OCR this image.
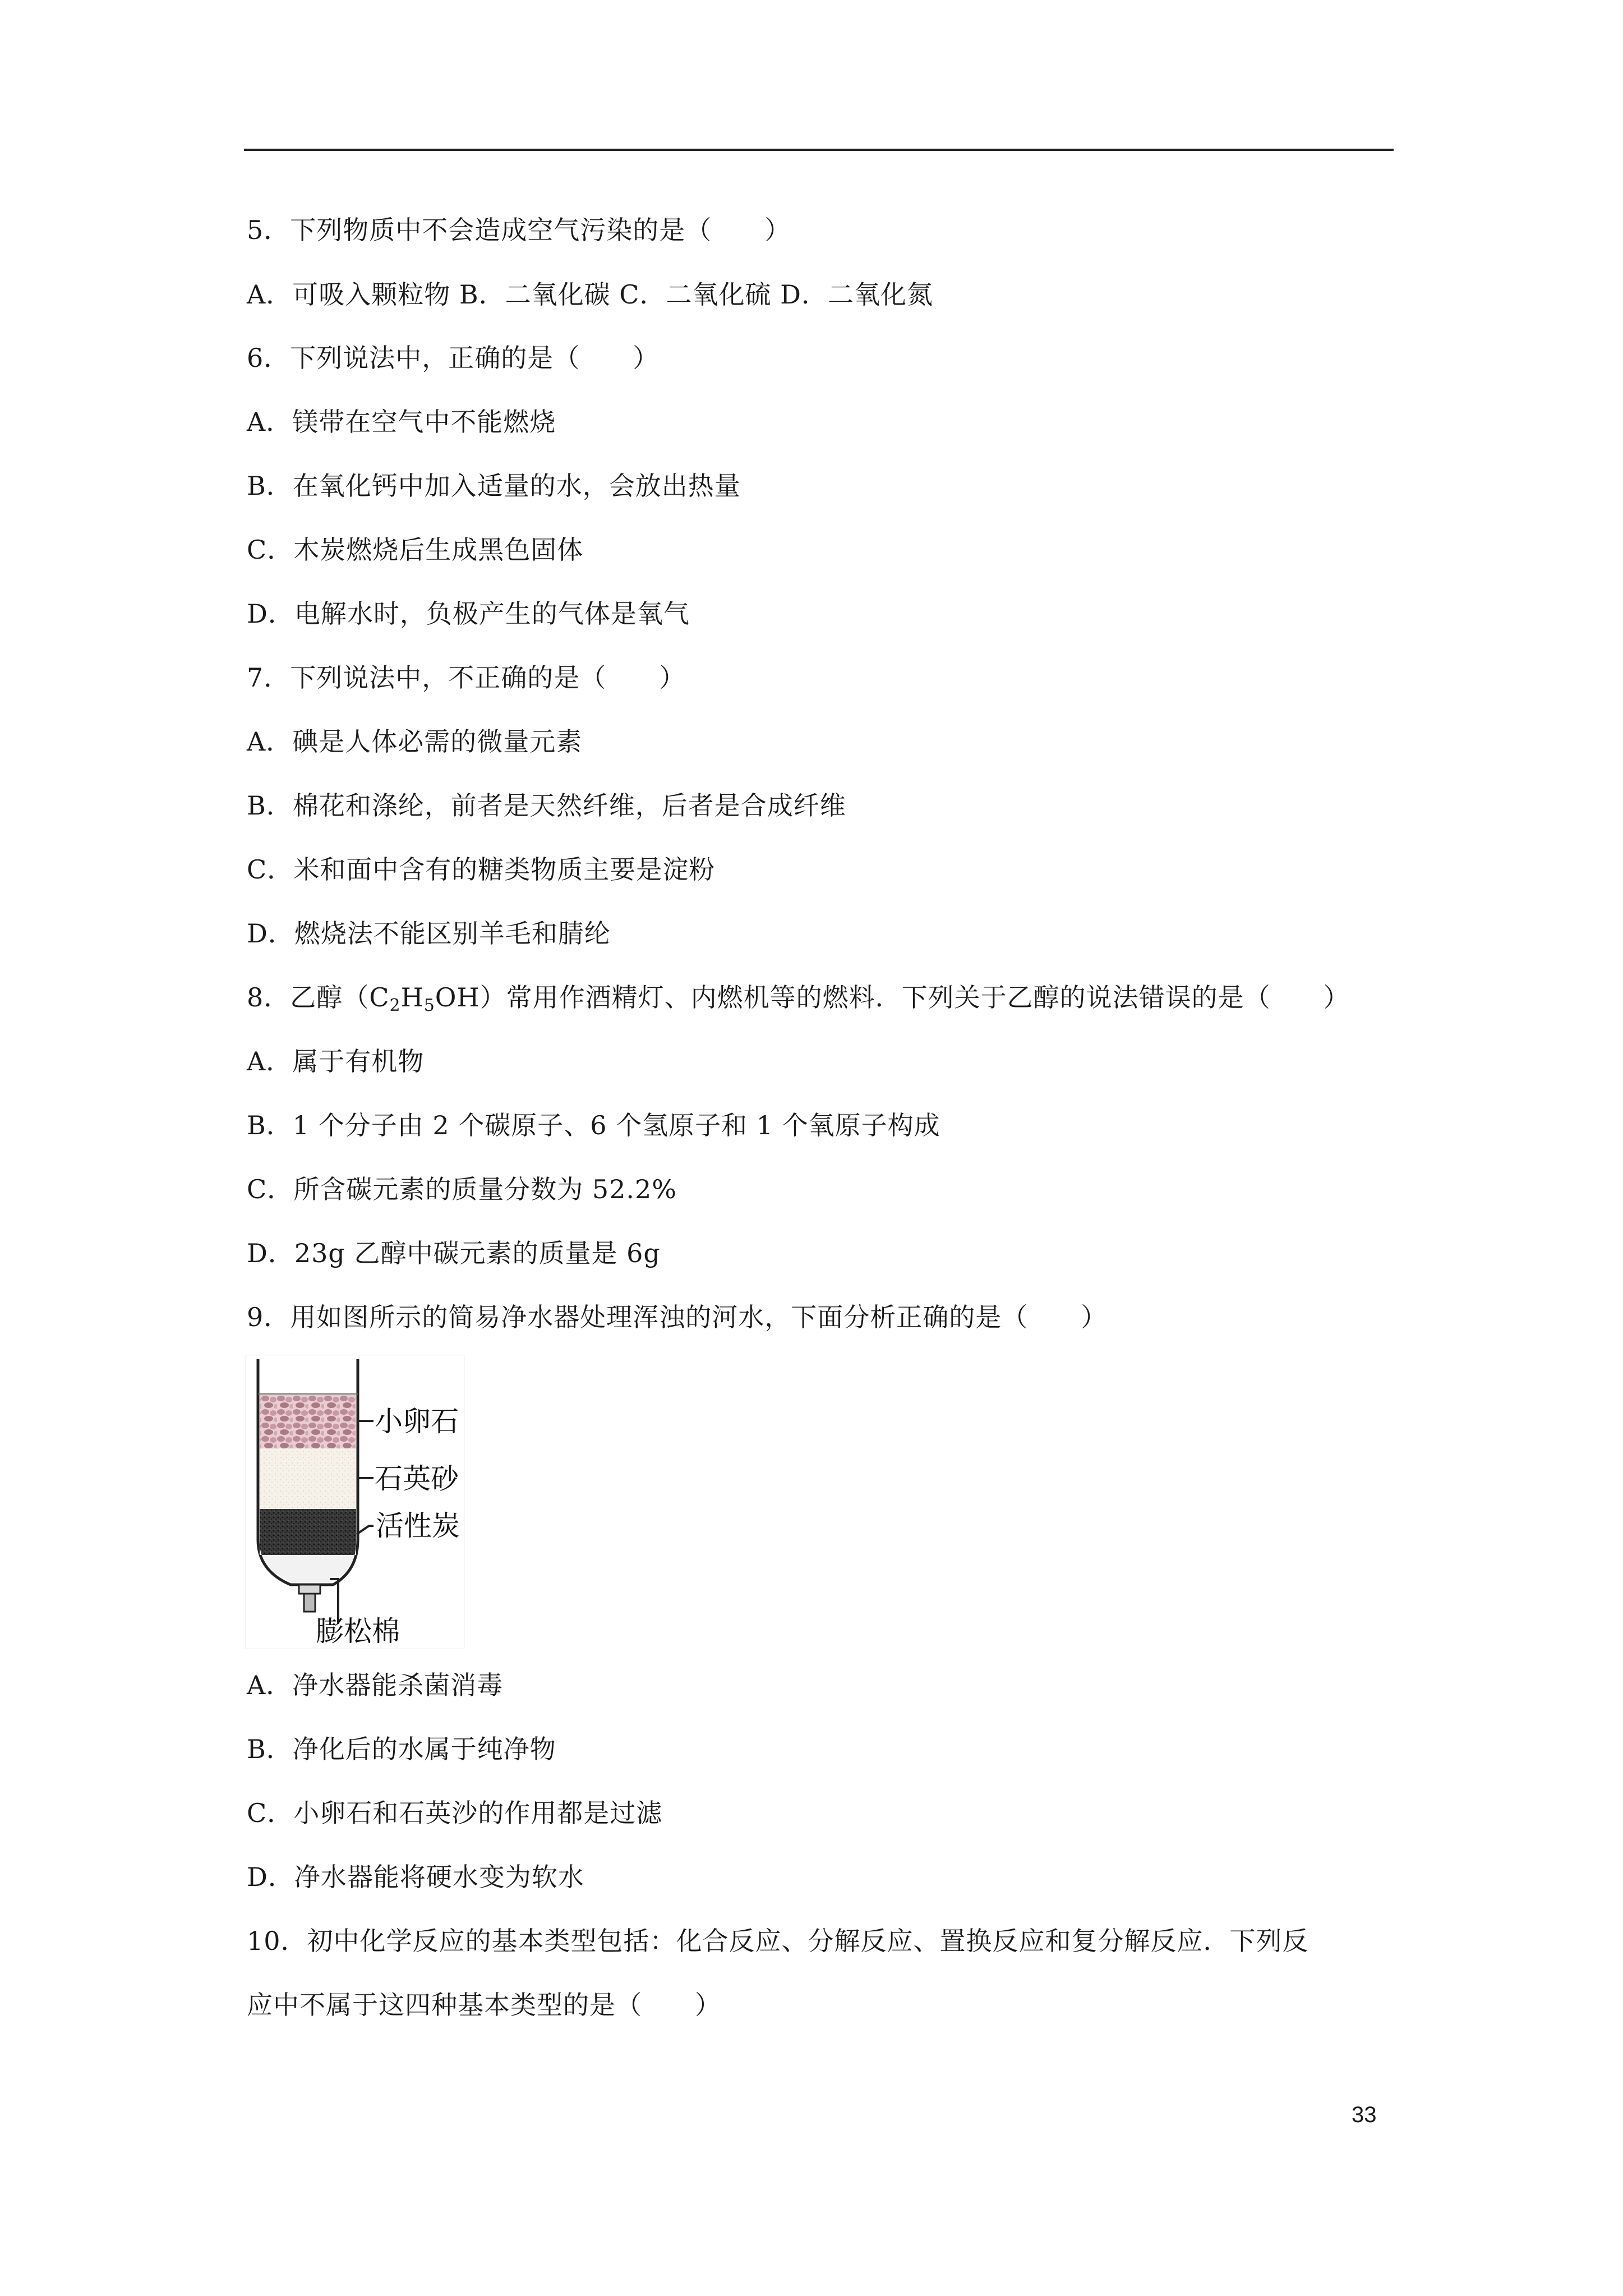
5．下列物质中不会造成空气污染的是（　　）
A．可吸入颗粒物 B．二氧化碳 C．二氧化硫 D．二氧化氮
6．下列说法中，正确的是（　　）
A．镁带在空气中不能燃烧
B．在氧化钙中加入适量的水，会放出热量
C．木炭燃烧后生成黑色固体
D．电解水时，负极产生的气体是氧气
7．下列说法中，不正确的是（　　）
A．碘是人体必需的微量元素
B．棉花和涤纶，前者是天然纤维，后者是合成纤维
C．米和面中含有的糖类物质主要是淀粉
D．燃烧法不能区别羊毛和腈纶
8．乙醇$(C_2H_5OH)$常用作酒精灯、内燃机等的燃料．下列关于乙醇的说法错误的是（　　）
A．属于有机物
B．1 个分子由 2 个碳原子、6 个氢原子和 1 个氧原子构成
C．所含碳元素的质量分数为 52.2%
D．23g 乙醇中碳元素的质量是 6g
9．用如图所示的简易净水器处理浑浊的河水，下面分析正确的是（　　）
小卵石
石英砂
活性炭
膨松棉
A．净水器能杀菌消毒
B．净化后的水属于纯净物
C．小卵石和石英沙的作用都是过滤
D．净水器能将硬水变为软水
10．初中化学反应的基本类型包括：化合反应、分解反应、置换反应和复分解反应．下列反
应中不属于这四种基本类型的是（　　）
33
